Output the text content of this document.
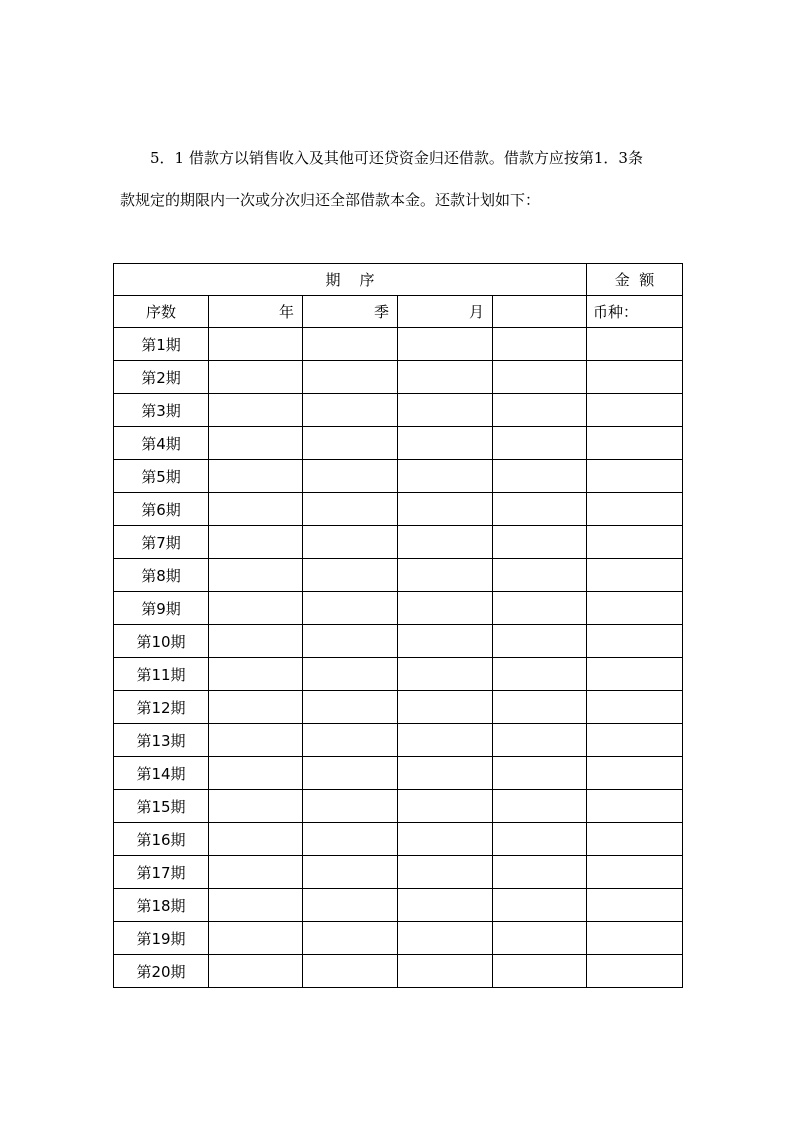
5．1 借款方以销售收入及其他可还贷资金归还借款。借款方应按第1．3条
款规定的期限内一次或分次归还全部借款本金。还款计划如下：
期    序					金  额
序数	年	季	月		币种：
第1期					
第2期					
第3期					
第4期					
第5期					
第6期					
第7期					
第8期					
第9期					
第10期					
第11期					
第12期					
第13期					
第14期					
第15期					
第16期					
第17期					
第18期					
第19期					
第20期					
